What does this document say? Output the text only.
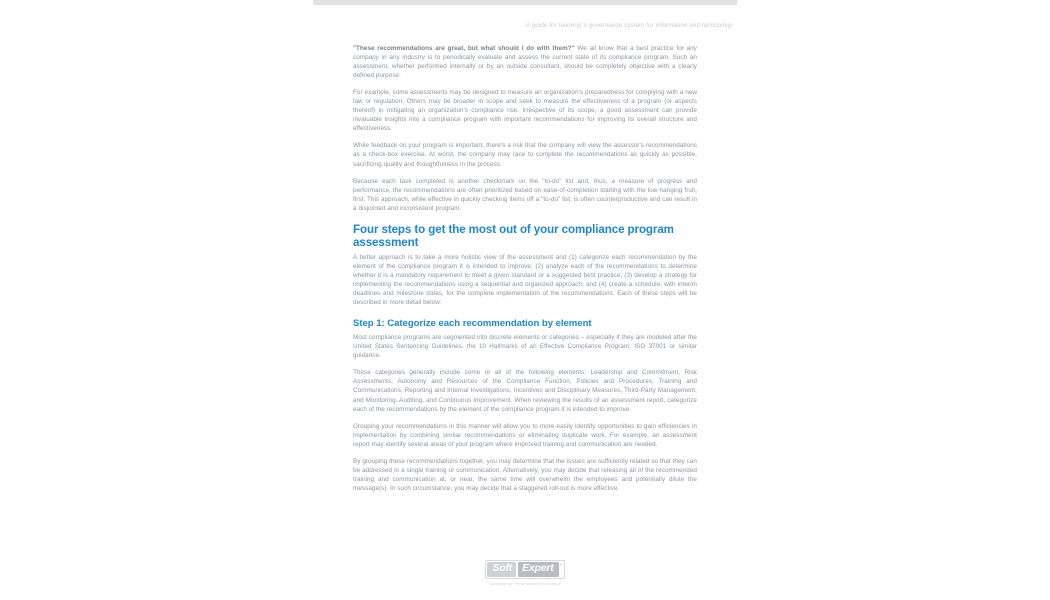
A guide for tailoring a governance system for information and technology

"These recommendations are great, but what should I do with them?" We all know that a best practice for any company in any industry is to periodically evaluate and assess the current state of its compliance program. Such an assessment, whether performed internally or by an outside consultant, should be completely objective with a clearly defined purpose.

For example, some assessments may be designed to measure an organization's preparedness for complying with a new law or regulation. Others may be broader in scope and seek to measure the effectiveness of a program (or aspects thereof) in mitigating an organization's compliance risk. Irrespective of its scope, a good assessment can provide invaluable insights into a compliance program with important recommendations for improving its overall structure and effectiveness.

While feedback on your program is important, there's a risk that the company will view the assessor's recommendations as a check-box exercise. At worst, the company may race to complete the recommendations as quickly as possible, sacrificing quality and thoughtfulness in the process.

Because each task completed is another checkmark on the "to-do" list and, thus, a measure of progress and performance, the recommendations are often prioritized based on ease-of-completion starting with the low-hanging fruit, first. This approach, while effective in quickly checking items off a "to-do" list, is often counterproductive and can result in a disjointed and inconsistent program.

Four steps to get the most out of your compliance program assessment

A better approach is to take a more holistic view of the assessment and (1) categorize each recommendation by the element of the compliance program it is intended to improve; (2) analyze each of the recommendations to determine whether it is a mandatory requirement to meet a given standard or a suggested best practice; (3) develop a strategy for implementing the recommendations using a sequential and organized approach; and (4) create a schedule, with interim deadlines and milestone dates, for the complete implementation of the recommendations. Each of these steps will be described in more detail below:

Step 1: Categorize each recommendation by element

Most compliance programs are segmented into discrete elements or categories – especially if they are modeled after the United States Sentencing Guidelines, the 10 Hallmarks of an Effective Compliance Program, ISO 37001 or similar guidance.

These categories generally include some or all of the following elements: Leadership and Commitment, Risk Assessments, Autonomy and Resources of the Compliance Function, Policies and Procedures, Training and Communications, Reporting and Internal Investigations, Incentives and Disciplinary Measures, Third-Party Management, and Monitoring, Auditing, and Continuous Improvement. When reviewing the results of an assessment report, categorize each of the recommendations by the element of the compliance program it is intended to improve.

Grouping your recommendations in this manner will allow you to more easily identify opportunities to gain efficiencies in implementation by combining similar recommendations or eliminating duplicate work. For example, an assessment report may identify several areas of your program where improved training and communication are needed.

By grouping these recommendations together, you may determine that the issues are sufficiently related so that they can be addressed in a single training or communication. Alternatively, you may decide that releasing all of the recommended training and communication at, or near, the same time will overwhelm the employees and potentially dilute the message(s). In such circumstance, you may decide that a staggered roll-out is more effective.

Soft Expert	®
Software for Performance Excellence
